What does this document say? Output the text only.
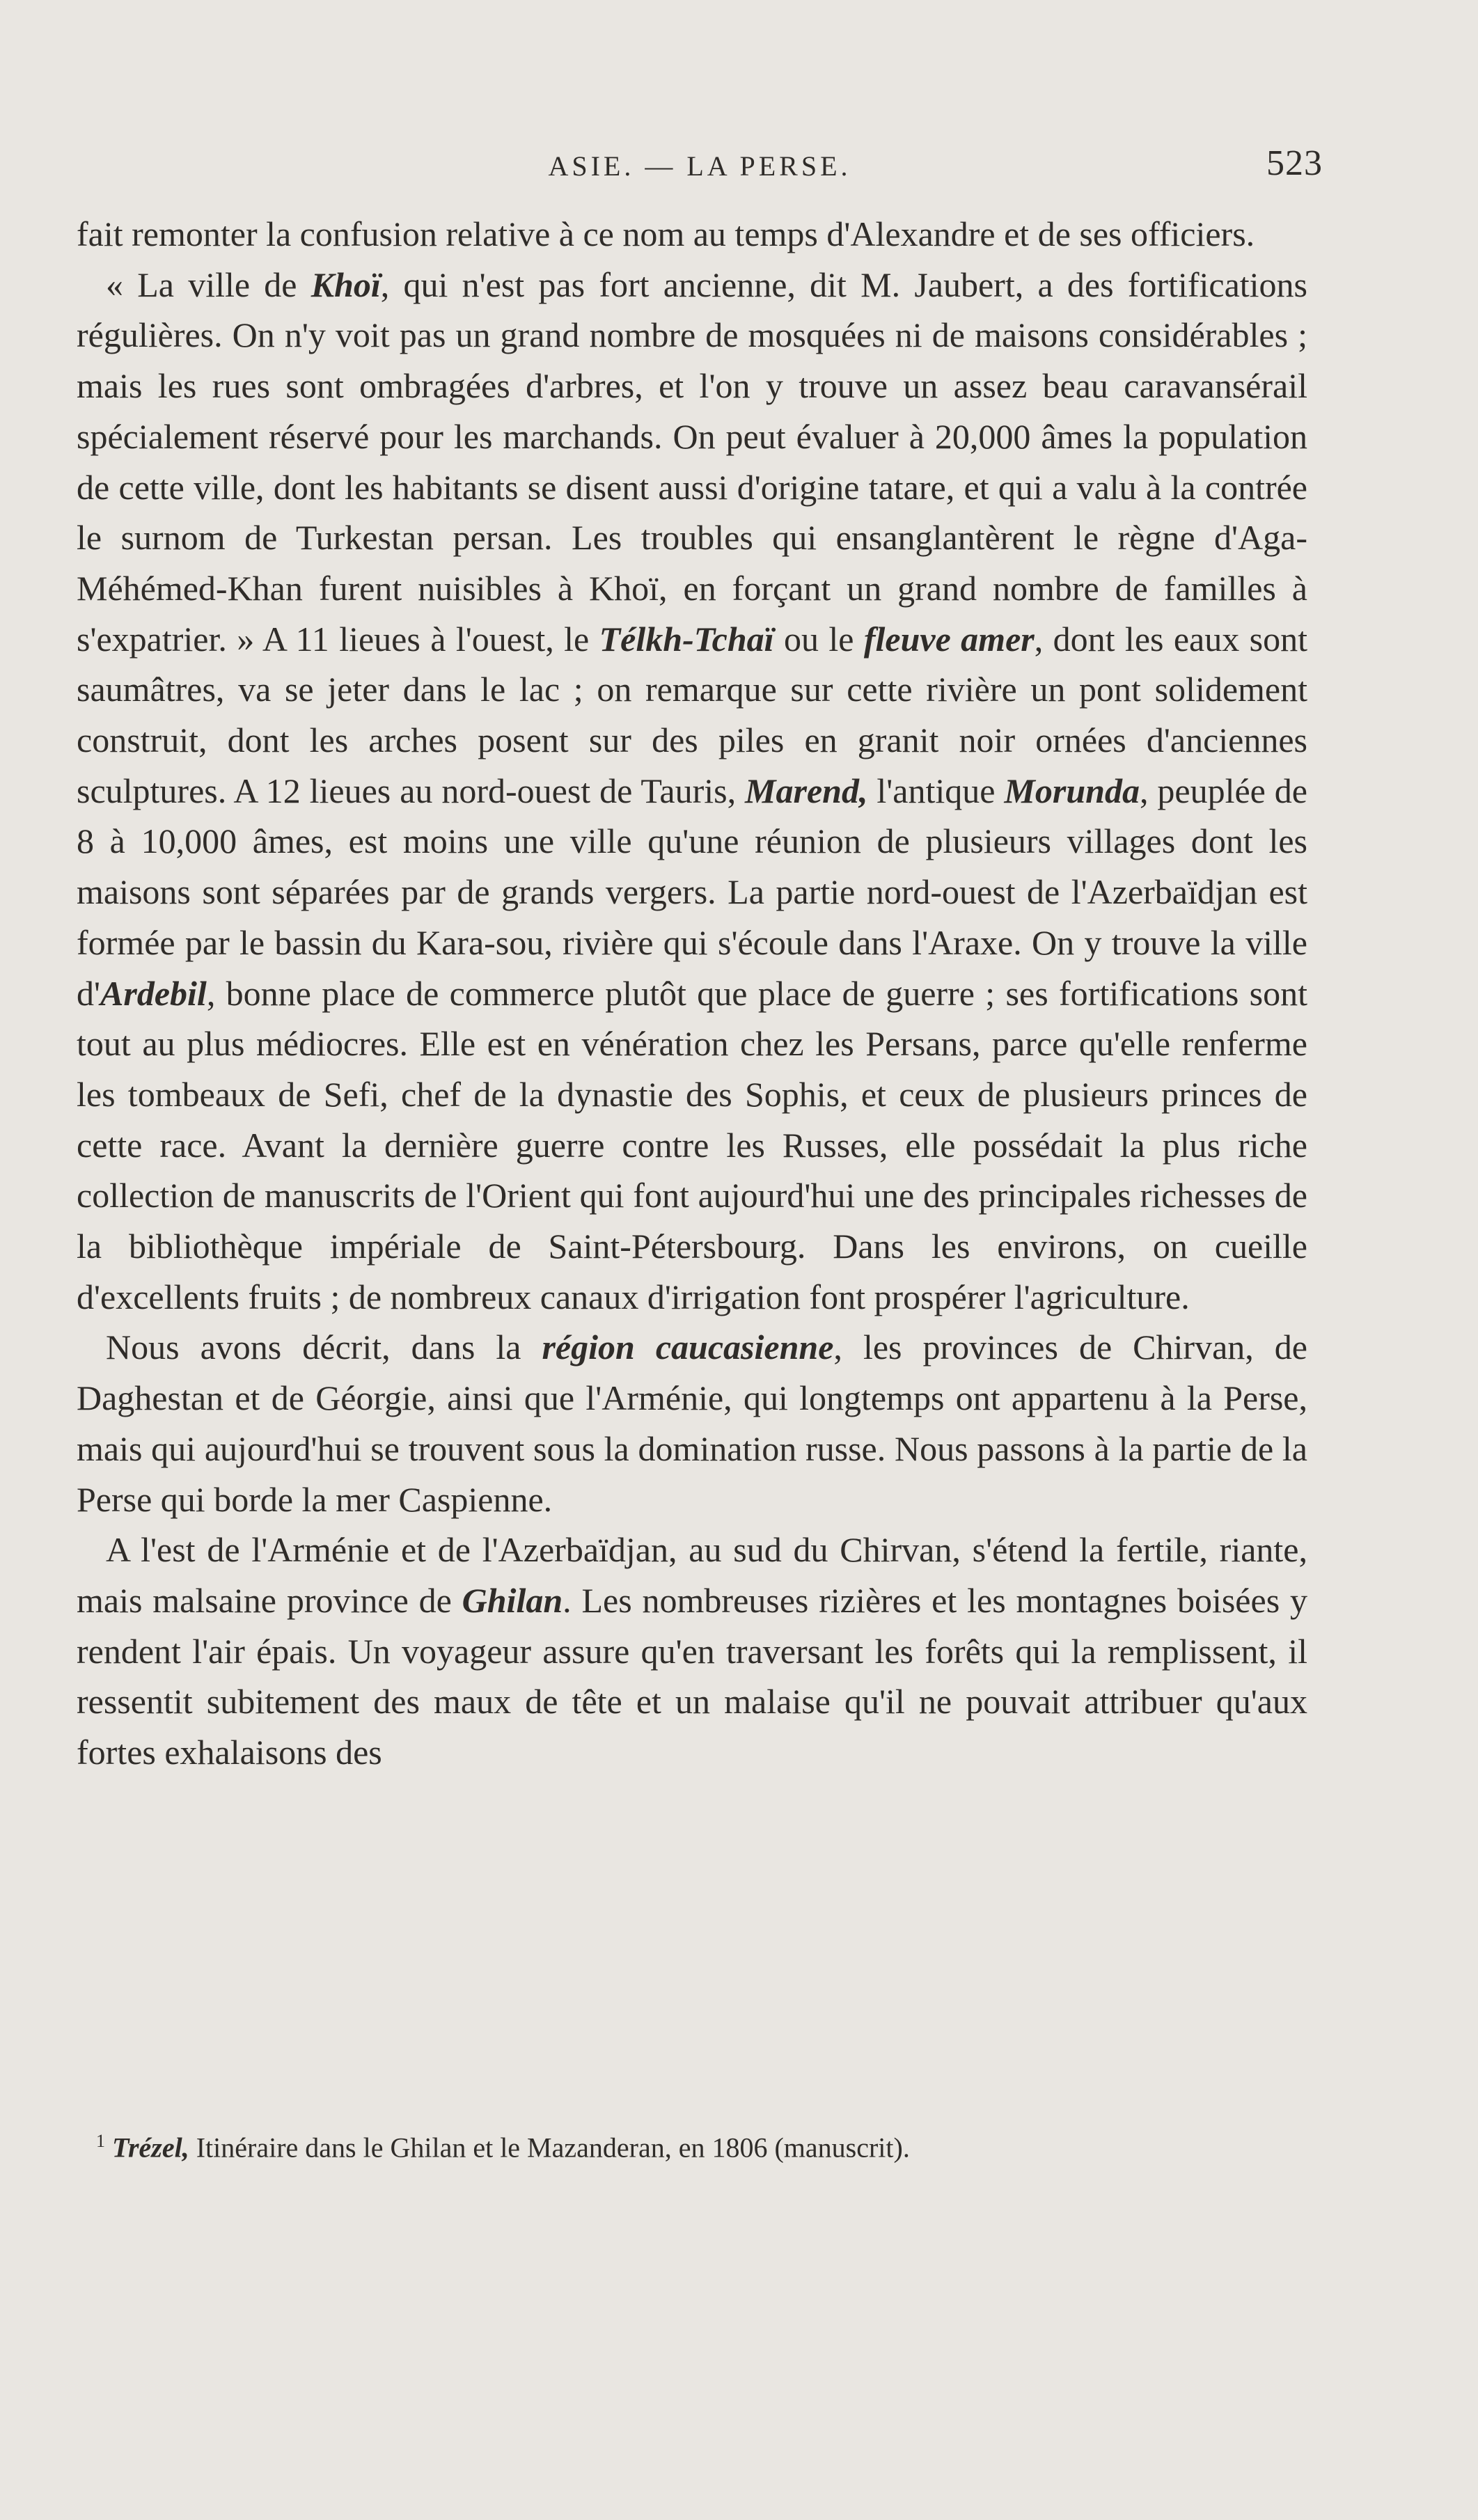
ASIE. — LA PERSE.	523

fait remonter la confusion relative à ce nom au temps d'Alexandre et de ses officiers.

« La ville de Khoï, qui n'est pas fort ancienne, dit M. Jaubert, a des fortifications régulières. On n'y voit pas un grand nombre de mosquées ni de maisons considérables ; mais les rues sont ombragées d'arbres, et l'on y trouve un assez beau caravansérail spécialement réservé pour les marchands. On peut évaluer à 20,000 âmes la population de cette ville, dont les habitants se disent aussi d'origine tatare, et qui a valu à la contrée le surnom de Turkestan persan. Les troubles qui ensanglantèrent le règne d'Aga-Méhémed-Khan furent nuisibles à Khoï, en forçant un grand nombre de familles à s'expatrier. » A 11 lieues à l'ouest, le Télkh-Tchaï ou le fleuve amer, dont les eaux sont saumâtres, va se jeter dans le lac ; on remarque sur cette rivière un pont solidement construit, dont les arches posent sur des piles en granit noir ornées d'anciennes sculptures. A 12 lieues au nord-ouest de Tauris, Marend, l'antique Morunda, peuplée de 8 à 10,000 âmes, est moins une ville qu'une réunion de plusieurs villages dont les maisons sont séparées par de grands vergers. La partie nord-ouest de l'Azerbaïdjan est formée par le bassin du Kara-sou, rivière qui s'écoule dans l'Araxe. On y trouve la ville d'Ardebil, bonne place de commerce plutôt que place de guerre ; ses fortifications sont tout au plus médiocres. Elle est en vénération chez les Persans, parce qu'elle renferme les tombeaux de Sefi, chef de la dynastie des Sophis, et ceux de plusieurs princes de cette race. Avant la dernière guerre contre les Russes, elle possédait la plus riche collection de manuscrits de l'Orient qui font aujourd'hui une des principales richesses de la bibliothèque impériale de Saint-Pétersbourg. Dans les environs, on cueille d'excellents fruits ; de nombreux canaux d'irrigation font prospérer l'agriculture.

Nous avons décrit, dans la région caucasienne, les provinces de Chirvan, de Daghestan et de Géorgie, ainsi que l'Arménie, qui longtemps ont appartenu à la Perse, mais qui aujourd'hui se trouvent sous la domination russe. Nous passons à la partie de la Perse qui borde la mer Caspienne.

A l'est de l'Arménie et de l'Azerbaïdjan, au sud du Chirvan, s'étend la fertile, riante, mais malsaine province de Ghilan. Les nombreuses rizières et les montagnes boisées y rendent l'air épais. Un voyageur assure qu'en traversant les forêts qui la remplissent, il ressentit subitement des maux de tête et un malaise qu'il ne pouvait attribuer qu'aux fortes exhalaisons des

$^1$ Trézel, Itinéraire dans le Ghilan et le Mazanderan, en 1806 (manuscrit).
